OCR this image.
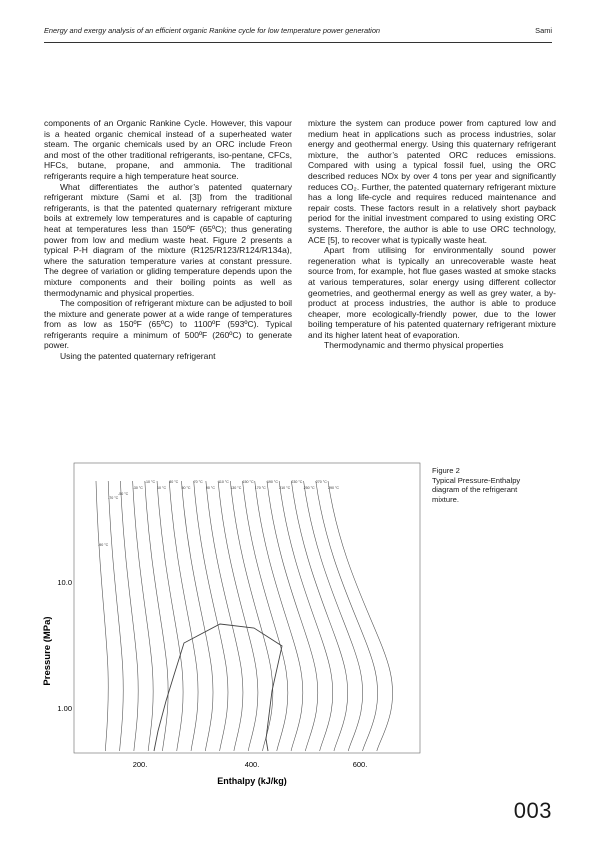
Energy and exergy analysis of an efficient organic Rankine cycle for low temperature power generation	Sami

components of an Organic Rankine Cycle. However, this vapour is a heated organic chemical instead of a superheated water steam. The organic chemicals used by an ORC include Freon and most of the other traditional refrigerants, iso-pentane, CFCs, HFCs, butane, propane, and ammonia. The traditional refrigerants require a high temperature heat source.

What differentiates the author’s patented quaternary refrigerant mixture (Sami et al. [3]) from the traditional refrigerants, is that the patented quaternary refrigerant mixture boils at extremely low temperatures and is capable of capturing heat at temperatures less than 150ºF (65ºC); thus generating power from low and medium waste heat. Figure 2 presents a typical P-H diagram of the mixture (R125/R123/R124/R134a), where the saturation temperature varies at constant pressure. The degree of variation or gliding temperature depends upon the mixture components and their boiling points as well as thermodynamic and physical properties.

The composition of refrigerant mixture can be adjusted to boil the mixture and generate power at a wide range of temperatures from as low as 150ºF (65ºC) to 1100ºF (593ºC). Typical refrigerants require a minimum of 500ºF (260ºC) to generate power.

Using the patented quaternary refrigerant

mixture the system can produce power from captured low and medium heat in applications such as process industries, solar energy and geothermal energy. Using this quaternary refrigerant mixture, the author’s patented ORC reduces emissions. Compared with using a typical fossil fuel, using the ORC described reduces NOx by over 4 tons per year and significantly reduces CO₂. Further, the patented quaternary refrigerant mixture has a long life-cycle and requires reduced maintenance and repair costs. These factors result in a relatively short payback period for the initial investment compared to using existing ORC systems. Therefore, the author is able to use ORC technology, ACE [5], to recover what is typically waste heat.

Apart from utilising for environmentally sound power regeneration what is typically an unrecoverable waste heat source from, for example, hot flue gases wasted at smoke stacks at various temperatures, solar energy using different collector geometries, and geothermal energy as well as grey water, a by-product at process industries, the author is able to produce cheaper, more ecologically-friendly power, due to the lower boiling temperature of his patented quaternary refrigerant mixture and its higher latent heat of evaporation.

Thermodynamic and thermo physical properties

-90 °C
-70 °C
-50 °C
-30 °C
-10 °C
10 °C
30 °C
50 °C
70 °C
90 °C
110 °C
130 °C
150 °C
170 °C
190 °C
210 °C
230 °C
250 °C
270 °C
290 °C
Pressure (MPa)
10.0
1.00
200.	400.	600.
Enthalpy (kJ/kg)
Figure 2
Typical Pressure-Enthalpy
diagram of the refrigerant
mixture.
003
